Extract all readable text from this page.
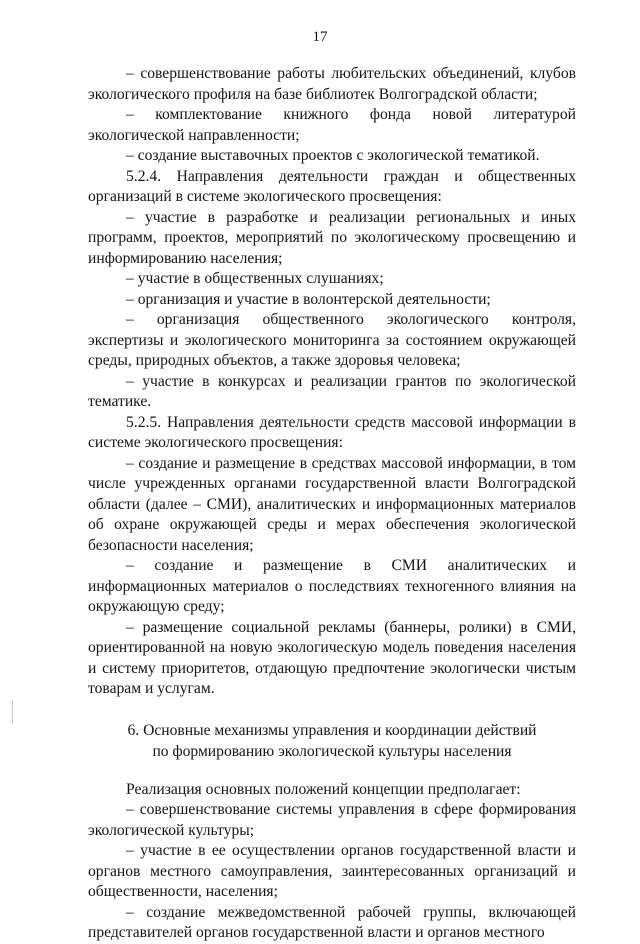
17

– совершенствование работы любительских объединений, клубов экологического профиля на базе библиотек Волгоградской области;

– комплектование книжного фонда новой литературой экологической направленности;

– создание выставочных проектов с экологической тематикой.

5.2.4. Направления деятельности граждан и общественных организаций в системе экологического просвещения:

– участие в разработке и реализации региональных и иных программ, проектов, мероприятий по экологическому просвещению и информированию населения;

– участие в общественных слушаниях;

– организация и участие в волонтерской деятельности;

– организация общественного экологического контроля, экспертизы и экологического мониторинга за состоянием окружающей среды, природных объектов, а также здоровья человека;

– участие в конкурсах и реализации грантов по экологической тематике.

5.2.5. Направления деятельности средств массовой информации в системе экологического просвещения:

– создание и размещение в средствах массовой информации, в том числе учрежденных органами государственной власти Волгоградской области (далее – СМИ), аналитических и информационных материалов об охране окружающей среды и мерах обеспечения экологической безопасности населения;

– создание и размещение в СМИ аналитических и информационных материалов о последствиях техногенного влияния на окружающую среду;

– размещение социальной рекламы (баннеры, ролики) в СМИ, ориентированной на новую экологическую модель поведения населения и систему приоритетов, отдающую предпочтение экологически чистым товарам и услугам.

6. Основные механизмы управления и координации действий
по формированию экологической культуры населения

Реализация основных положений концепции предполагает:

– совершенствование системы управления в сфере формирования экологической культуры;

– участие в ее осуществлении органов государственной власти и органов местного самоуправления, заинтересованных организаций и общественности, населения;

– создание межведомственной рабочей группы, включающей представителей органов государственной власти и органов местного
